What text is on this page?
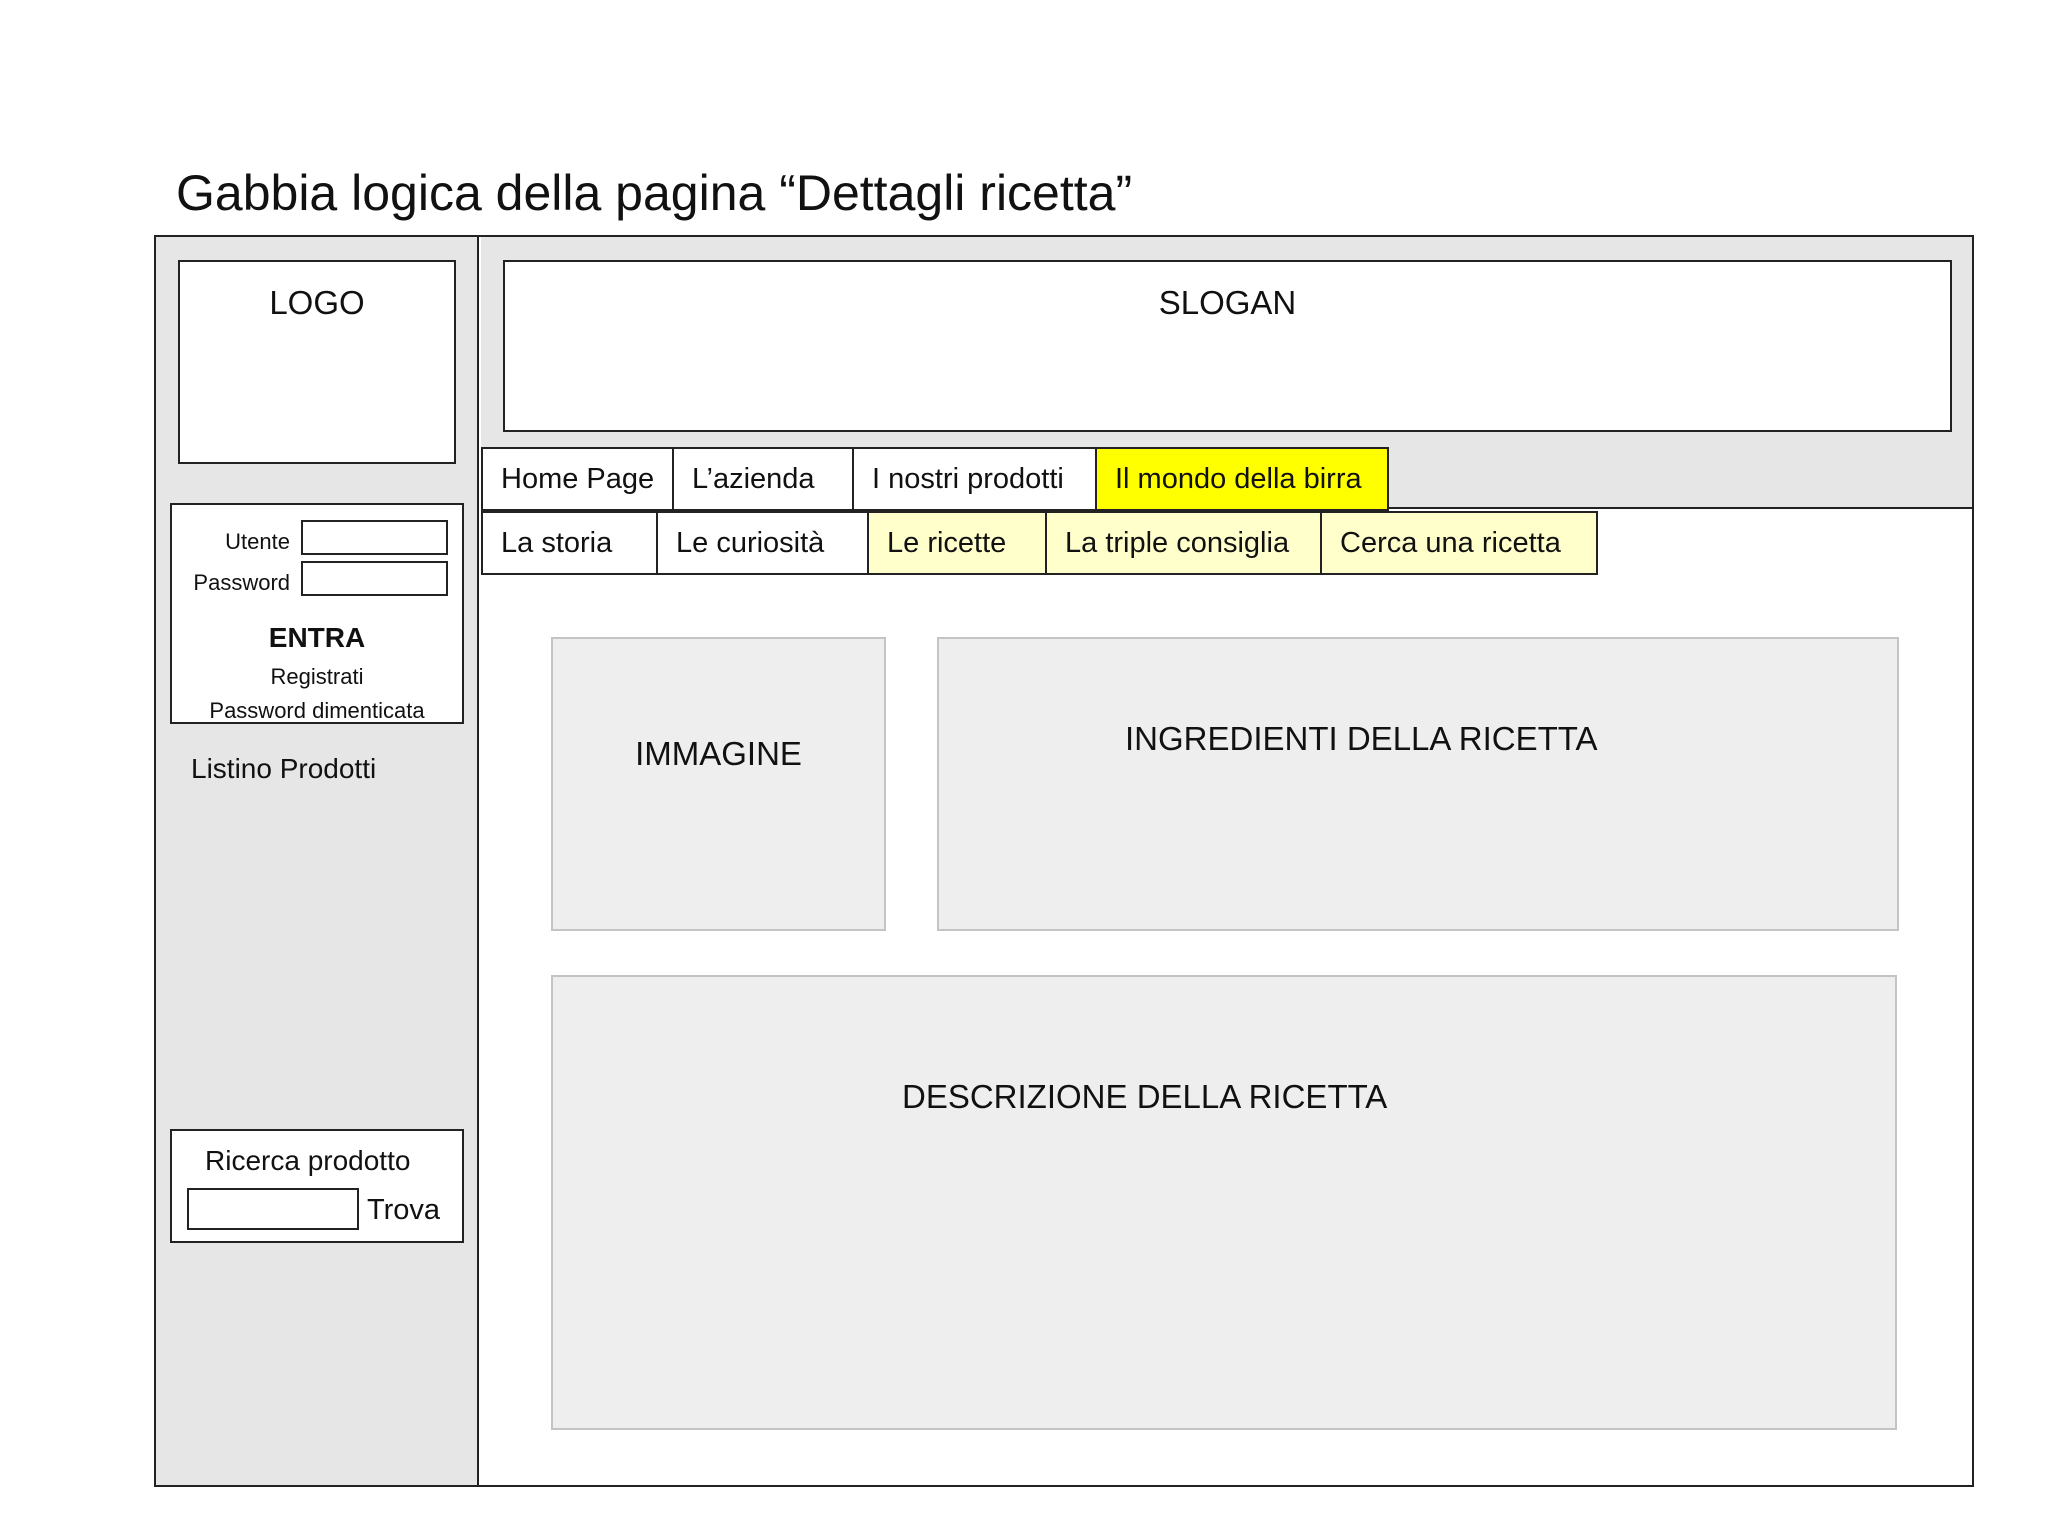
Gabbia logica della pagina “Dettagli ricetta”
LOGO	SLOGAN
Home Page	L’azienda	I nostri prodotti	Il mondo della birra
La storia	Le curiosità	Le ricette	La triple consiglia	Cerca una ricetta
Utente
Password
ENTRA
Registrati
Password dimenticata
Listino Prodotti
Ricerca prodotto
Trova
IMMAGINE	INGREDIENTI DELLA RICETTA
DESCRIZIONE DELLA RICETTA
